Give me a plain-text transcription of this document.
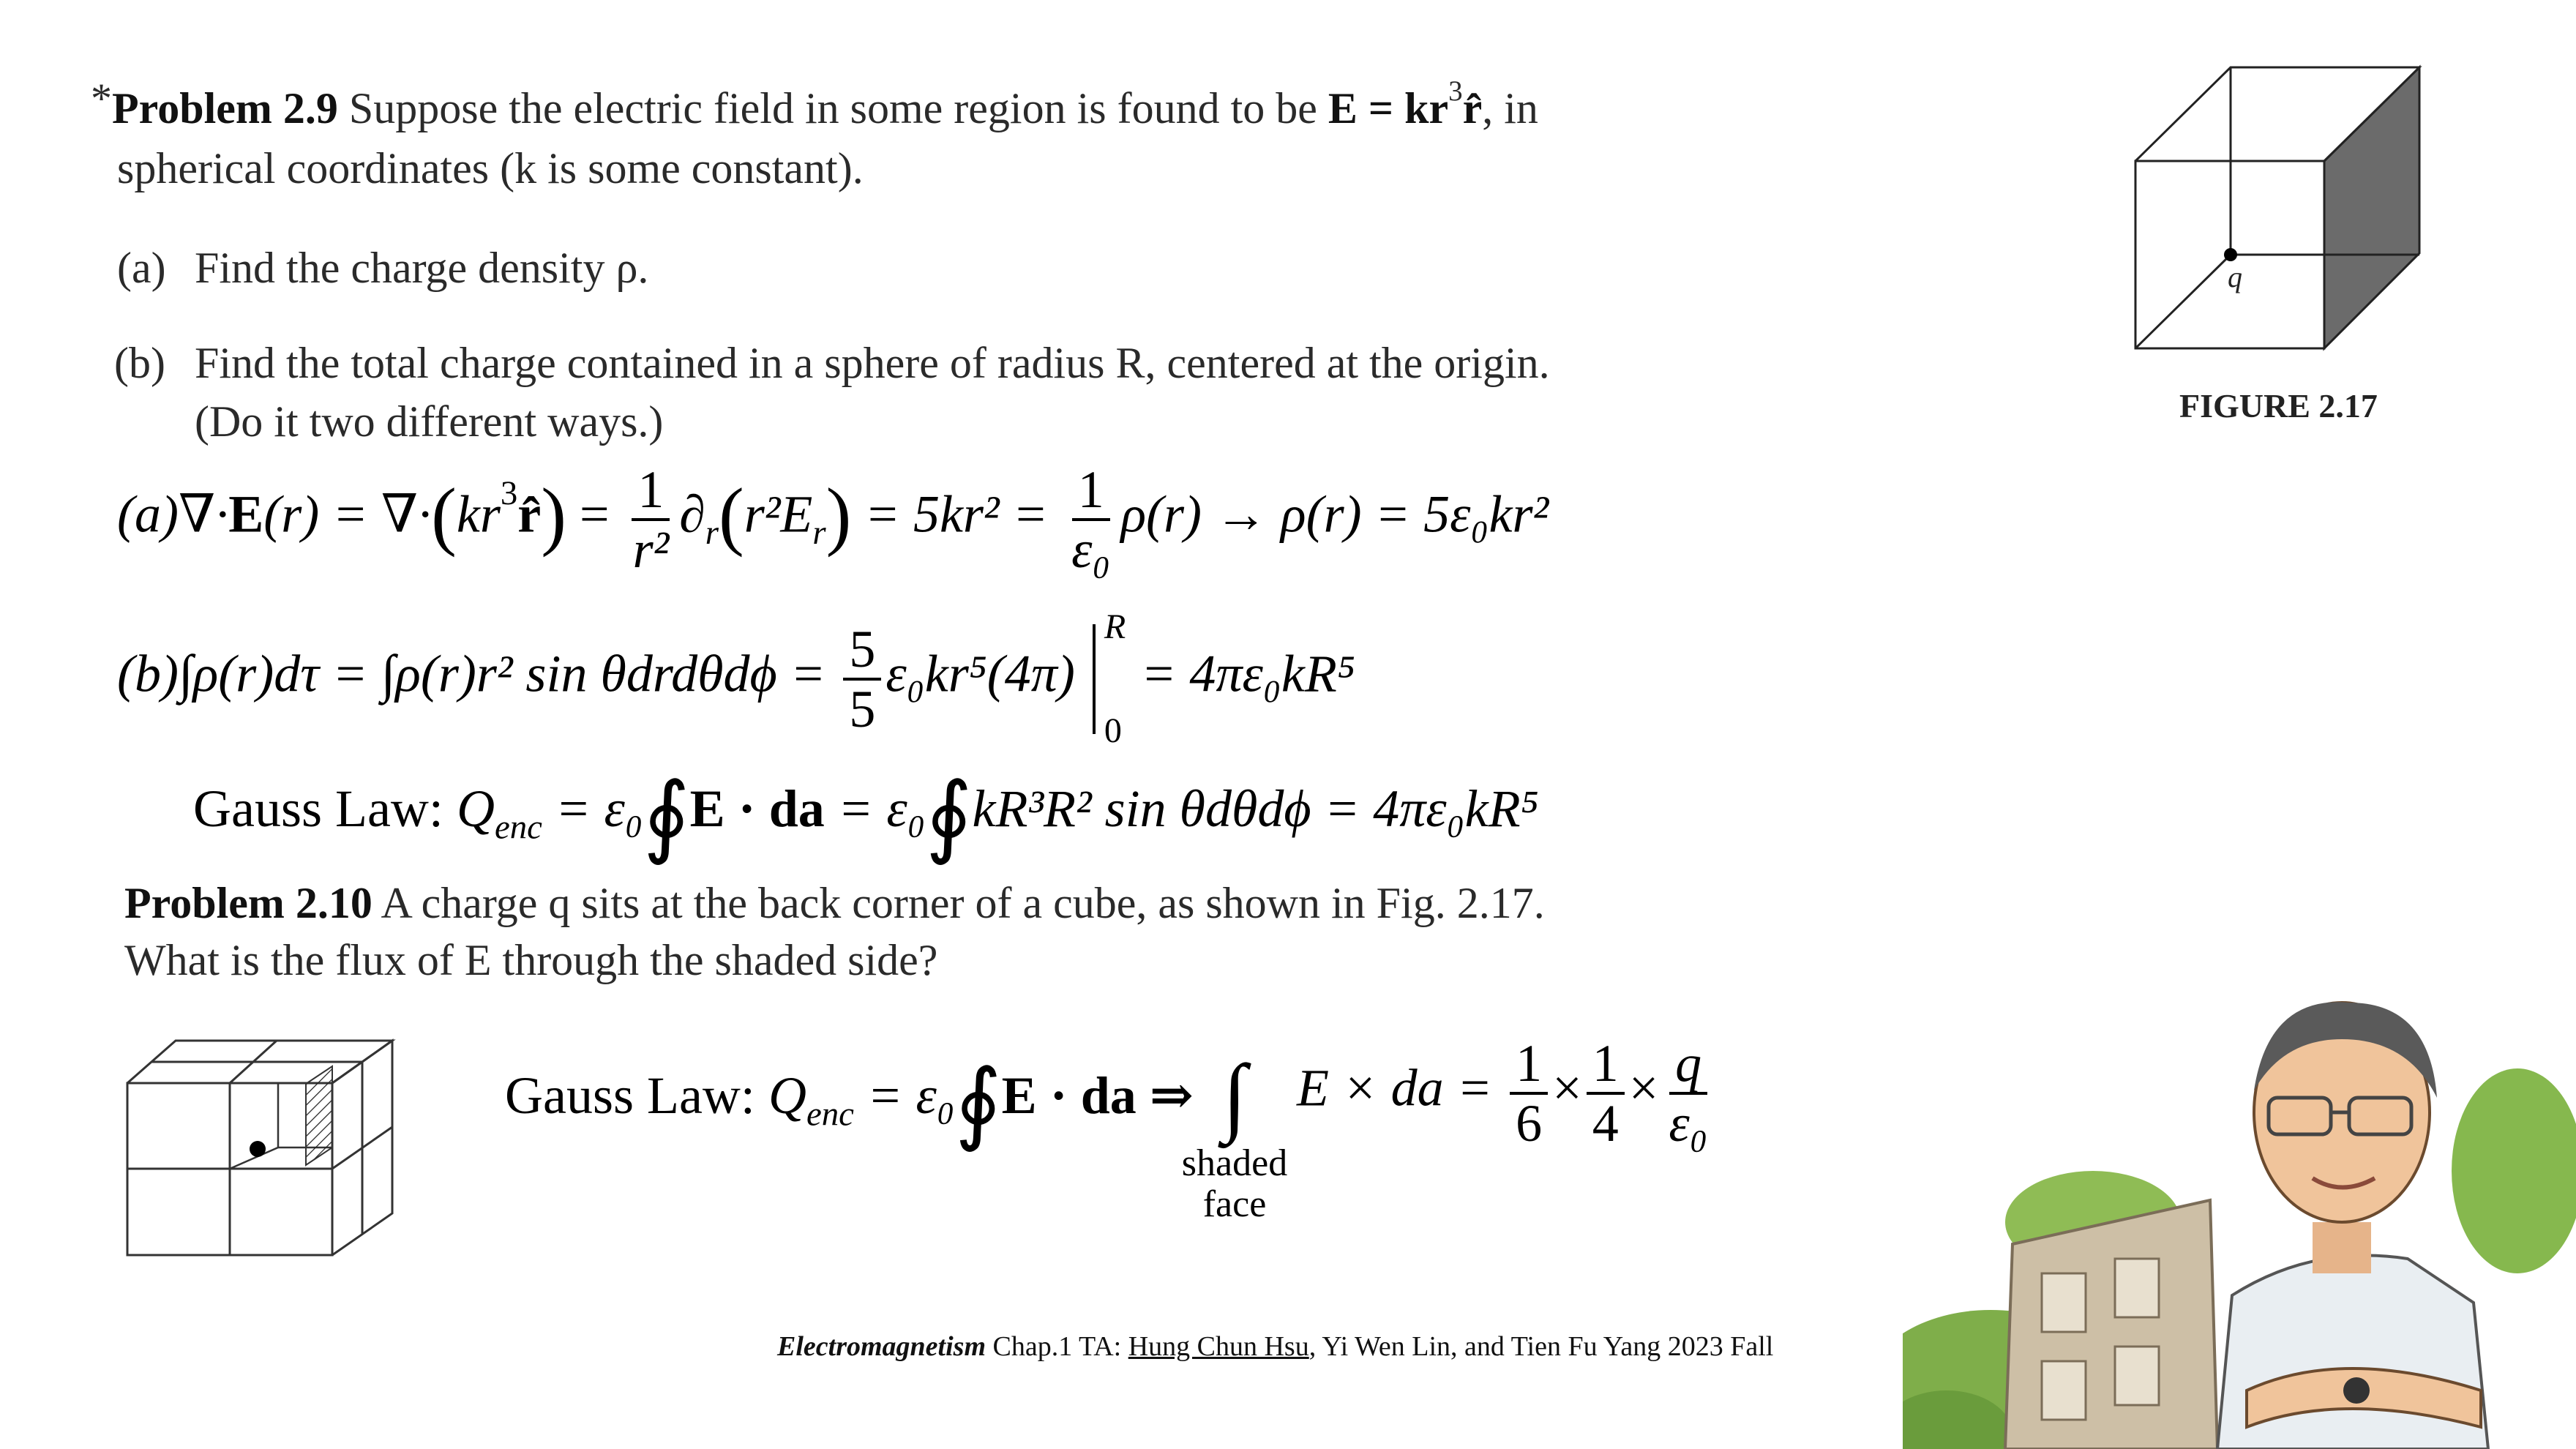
*Problem 2.9 Suppose the electric field in some region is found to be $E = kr^3r̂$, in
spherical coordinates (k is some constant).
(a) Find the charge density ρ.
(b) Find the total charge contained in a sphere of radius R, centered at the origin.
(Do it two different ways.)
$(a)\nabla\cdot E(r) = \nabla\cdot(kr^3r̂) = \frac{1}{\text{r²}} \partial_r(r^2E_r) = 5kr^2 = \frac{1}{\text{ε₀}} \rho(r) \to \rho(r) = 5\varepsilon_0kr^2$
(b)∫ρ(r)dτ = ∫ρ(r)r² $\sin \theta drd\theta d\phi = \frac{5}{5} \varepsilon_0kr^5(4\pi)$
R
0
= 4πε₀kR⁵
Gauss Law: $Q_{enc}$ = ε₀∮E · da = ε₀∮kR³R² sin θdθdϕ = 4πε₀kR⁵
Problem 2.10 A charge q sits at the back corner of a cube, as shown in Fig. 2.17.
What is the flux of E through the shaded side?
Gauss Law: $Q_{enc}$ = ε₀∮E · da ⇒ ∫
shaded
face
E × da = $\frac{1}{6} \times \frac{1}{4} \times \frac{q}{\text{ε₀}}$
q
FIGURE 2.17
Electromagnetism Chap.1 TA: Hung Chun Hsu, Yi Wen Lin, and Tien Fu Yang 2023 Fall
